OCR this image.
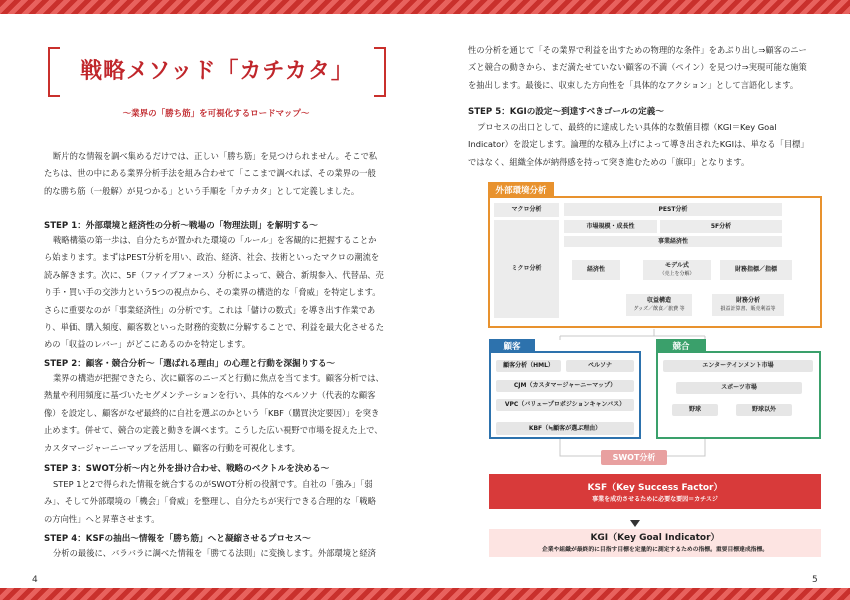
戦略メソッド「カチカタ」
〜業界の「勝ち筋」を可視化するロードマップ〜

断片的な情報を調べ集めるだけでは、正しい「勝ち筋」を見つけられません。そこで私たちは、世の中にある業界分析手法を組み合わせて「ここまで調べれば、その業界の一般的な勝ち筋（一般解）が見つかる」という手順を「カチカタ」として定義しました。

STEP 1：外部環境と経済性の分析〜戦場の「物理法則」を解明する〜

戦略構築の第一歩は、自分たちが置かれた環境の「ルール」を客観的に把握することから始まります。まずはPEST分析を用い、政治、経済、社会、技術といったマクロの潮流を読み解きます。次に、5F（ファイブフォース）分析によって、競合、新規参入、代替品、売り手・買い手の交渉力という5つの視点から、その業界の構造的な「脅威」を特定します。さらに重要なのが「事業経済性」の分析です。これは「儲けの数式」を導き出す作業であり、単価、購入頻度、顧客数といった財務的変数に分解することで、利益を最大化させるための「収益のレバー」がどこにあるのかを特定します。

STEP 2：顧客・競合分析〜「選ばれる理由」の心理と行動を深掘りする〜

業界の構造が把握できたら、次に顧客のニーズと行動に焦点を当てます。顧客分析では、熱量や利用頻度に基づいたセグメンテーションを行い、具体的なペルソナ（代表的な顧客像）を設定し、顧客がなぜ最終的に自社を選ぶのかという「KBF（購買決定要因）」を突き止めます。併せて、競合の定義と動きを調べます。こうした広い視野で市場を捉えた上で、カスタマージャーニーマップを活用し、顧客の行動を可視化します。

STEP 3：SWOT分析〜内と外を掛け合わせ、戦略のベクトルを決める〜

STEP 1と2で得られた情報を統合するのがSWOT分析の役割です。自社の「強み」「弱み」、そして外部環境の「機会」「脅威」を整理し、自分たちが実行できる合理的な「戦略の方向性」へと昇華させます。

STEP 4：KSFの抽出〜情報を「勝ち筋」へと凝縮させるプロセス〜

分析の最後に、バラバラに調べた情報を「勝てる法則」に変換します。外部環境と経済

4

性の分析を通じて「その業界で利益を出すための物理的な条件」をあぶり出し⇒顧客のニーズと競合の動きから、まだ満たせていない顧客の不満（ペイン）を見つけ⇒実現可能な施策を抽出します。最後に、収束した方向性を「具体的なアクション」として言語化します。

STEP 5：KGIの設定〜到達すべきゴールの定義〜

プロセスの出口として、最終的に達成したい具体的な数値目標（KGI＝Key Goal Indicator）を設定します。論理的な積み上げによって導き出されたKGIは、単なる「目標」ではなく、組織全体が納得感を持って突き進むための「旗印」となります。

5
外部環境分析
マクロ分析
ミクロ分析
PEST分析
市場規模・成長性	5F分析
事業経済性
経済性
モデル式
（売上を分解）
財務指標／指標
収益構造
グッズ／飲食／旅費 等
財務分析
損益計算書、販売利益等
顧客
顧客分析（HML）	ペルソナ
CJM（カスタマージャーニーマップ）
VPC（バリュープロポジションキャンバス）
KBF（≒顧客が選ぶ理由）
競合
エンターテインメント市場
スポーツ市場
野球	野球以外
SWOT分析
KSF（Key Success Factor）
事業を成功させるために必要な要因＝カチスジ
KGI（Key Goal Indicator）
企業や組織が最終的に目指す目標を定量的に測定するための指標。重要目標達成指標。
